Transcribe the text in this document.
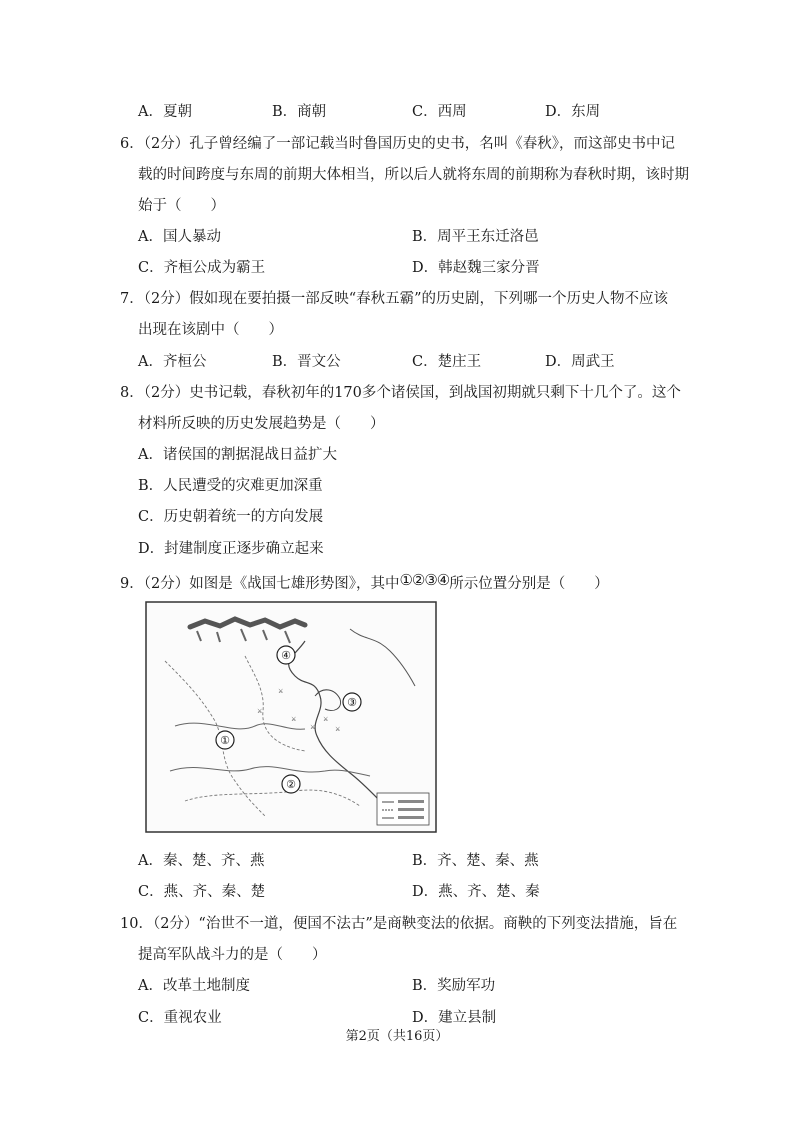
A．夏朝	B．商朝	C．西周	D．东周
6．（2分）孔子曾经编了一部记载当时鲁国历史的史书，名叫《春秋》，而这部史书中记
载的时间跨度与东周的前期大体相当，所以后人就将东周的前期称为春秋时期，该时期
始于（　　）
A．国人暴动	B．周平王东迁洛邑
C．齐桓公成为霸王	D．韩赵魏三家分晋
7．（2分）假如现在要拍摄一部反映“春秋五霸”的历史剧，下列哪一个历史人物不应该
出现在该剧中（　　）
A．齐桓公	B．晋文公	C．楚庄王	D．周武王
8．（2分）史书记载，春秋初年的170多个诸侯国，到战国初期就只剩下十几个了。这个
材料所反映的历史发展趋势是（　　）
A．诸侯国的割据混战日益扩大
B．人民遭受的灾难更加深重
C．历史朝着统一的方向发展
D．封建制度正逐步确立起来
9．（2分）如图是《战国七雄形势图》，其中①②③④所示位置分别是（　　）
⚔
⚔
⚔
⚔
⚔
⚔
④
③
①
②
A．秦、楚、齐、燕	B．齐、楚、秦、燕
C．燕、齐、秦、楚	D．燕、齐、楚、秦
10．（2分）“治世不一道，便国不法古”是商鞅变法的依据。商鞅的下列变法措施，旨在
提高军队战斗力的是（　　）
A．改革土地制度	B．奖励军功
C．重视农业	D．建立县制
第2页（共16页）
